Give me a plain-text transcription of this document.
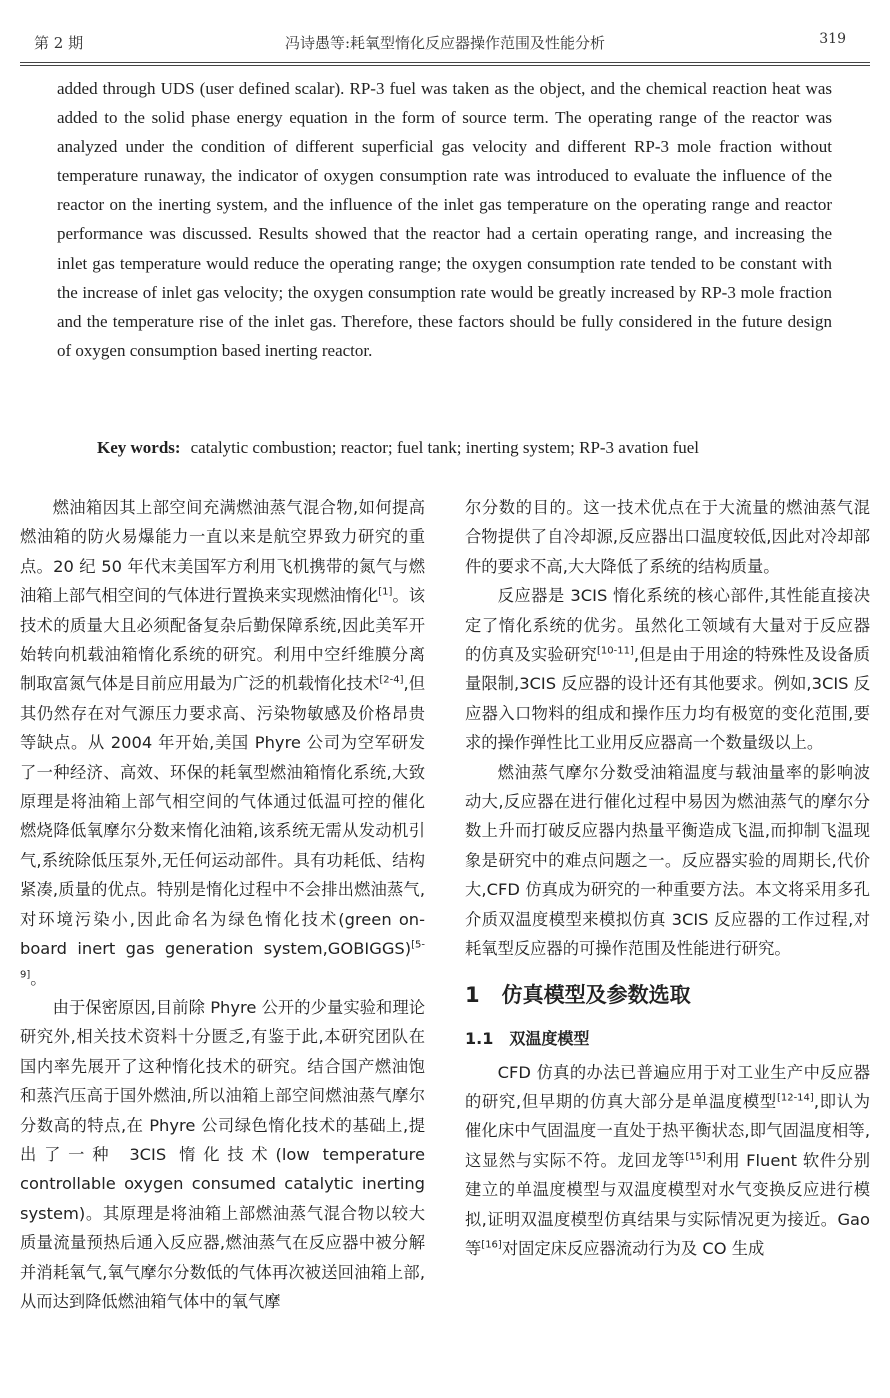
第 2 期	冯诗愚等:耗氧型惰化反应器操作范围及性能分析	319

added through UDS (user defined scalar). RP-3 fuel was taken as the object, and the chemical reaction heat was added to the solid phase energy equation in the form of source term. The operating range of the reactor was analyzed under the condition of different superficial gas velocity and different RP-3 mole fraction without temperature runaway, the indicator of oxygen consumption rate was introduced to evaluate the influence of the reactor on the inerting system, and the influence of the inlet gas temperature on the operating range and reactor performance was discussed. Results showed that the reactor had a certain operating range, and increasing the inlet gas temperature would reduce the operating range; the oxygen consumption rate tended to be constant with the increase of inlet gas velocity; the oxygen consumption rate would be greatly increased by RP-3 mole fraction and the temperature rise of the inlet gas. Therefore, these factors should be fully considered in the future design of oxygen consumption based inerting reactor.

Key words: catalytic combustion; reactor; fuel tank; inerting system; RP-3 avation fuel

燃油箱因其上部空间充满燃油蒸气混合物,如何提高燃油箱的防火易爆能力一直以来是航空界致力研究的重点。20 纪 50 年代末美国军方利用飞机携带的氮气与燃油箱上部气相空间的气体进行置换来实现燃油惰化[1]。该技术的质量大且必须配备复杂后勤保障系统,因此美军开始转向机载油箱惰化系统的研究。利用中空纤维膜分离制取富氮气体是目前应用最为广泛的机载惰化技术[2-4],但其仍然存在对气源压力要求高、污染物敏感及价格昂贵等缺点。从 2004 年开始,美国 Phyre 公司为空军研发了一种经济、高效、环保的耗氧型燃油箱惰化系统,大致原理是将油箱上部气相空间的气体通过低温可控的催化燃烧降低氧摩尔分数来惰化油箱,该系统无需从发动机引气,系统除低压泵外,无任何运动部件。具有功耗低、结构紧凑,质量的优点。特别是惰化过程中不会排出燃油蒸气,对环境污染小,因此命名为绿色惰化技术(green on-board inert gas generation system,GOBIGGS)[5-9]。

由于保密原因,目前除 Phyre 公开的少量实验和理论研究外,相关技术资料十分匮乏,有鉴于此,本研究团队在国内率先展开了这种惰化技术的研究。结合国产燃油饱和蒸汽压高于国外燃油,所以油箱上部空间燃油蒸气摩尔分数高的特点,在 Phyre 公司绿色惰化技术的基础上,提出了一种 3CIS 惰化技术(low temperature controllable oxygen consumed catalytic inerting system)。其原理是将油箱上部燃油蒸气混合物以较大质量流量预热后通入反应器,燃油蒸气在反应器中被分解并消耗氧气,氧气摩尔分数低的气体再次被送回油箱上部,从而达到降低燃油箱气体中的氧气摩

尔分数的目的。这一技术优点在于大流量的燃油蒸气混合物提供了自冷却源,反应器出口温度较低,因此对冷却部件的要求不高,大大降低了系统的结构质量。

反应器是 3CIS 惰化系统的核心部件,其性能直接决定了惰化系统的优劣。虽然化工领域有大量对于反应器的仿真及实验研究[10-11],但是由于用途的特殊性及设备质量限制,3CIS 反应器的设计还有其他要求。例如,3CIS 反应器入口物料的组成和操作压力均有极宽的变化范围,要求的操作弹性比工业用反应器高一个数量级以上。

燃油蒸气摩尔分数受油箱温度与载油量率的影响波动大,反应器在进行催化过程中易因为燃油蒸气的摩尔分数上升而打破反应器内热量平衡造成飞温,而抑制飞温现象是研究中的难点问题之一。反应器实验的周期长,代价大,CFD 仿真成为研究的一种重要方法。本文将采用多孔介质双温度模型来模拟仿真 3CIS 反应器的工作过程,对耗氧型反应器的可操作范围及性能进行研究。

1 仿真模型及参数选取
1.1 双温度模型

CFD 仿真的办法已普遍应用于对工业生产中反应器的研究,但早期的仿真大部分是单温度模型[12-14],即认为催化床中气固温度一直处于热平衡状态,即气固温度相等,这显然与实际不符。龙回龙等[15]利用 Fluent 软件分别建立的单温度模型与双温度模型对水气变换反应进行模拟,证明双温度模型仿真结果与实际情况更为接近。Gao 等[16]对固定床反应器流动行为及 CO 生成
